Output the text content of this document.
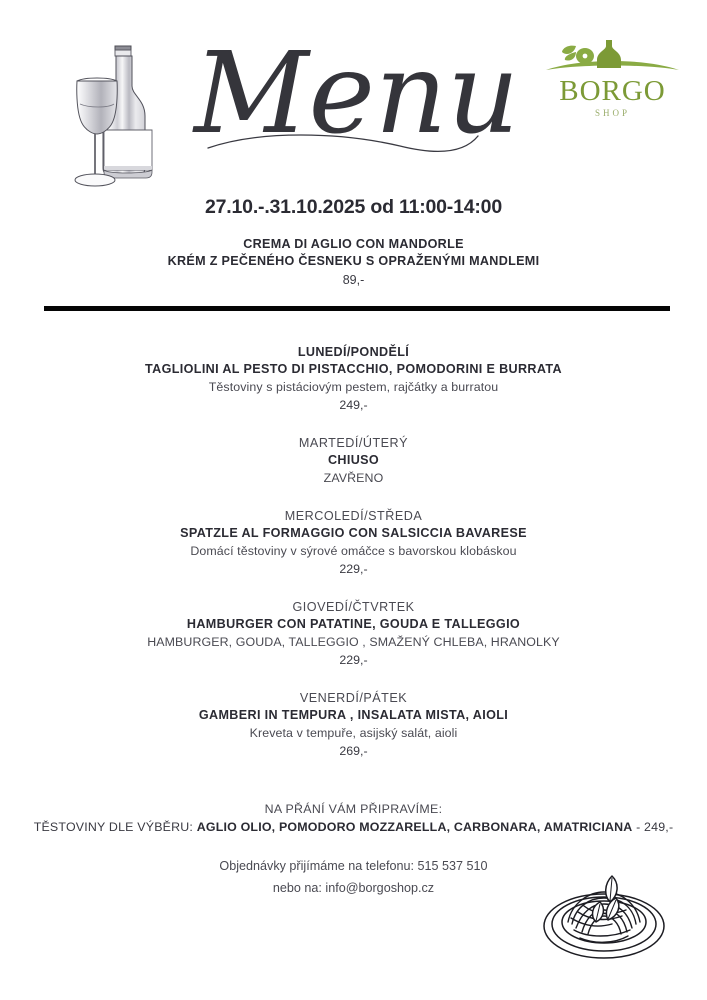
Menu	BORGO
SHOP
27.10.-.31.10.2025 od 11:00-14:00
CREMA DI AGLIO CON MANDORLE
KRÉM Z PEČENÉHO ČESNEKU S OPRAŽENÝMI MANDLEMI
89,-
LUNEDÍ/PONDĚLÍ
TAGLIOLINI AL PESTO DI PISTACCHIO, POMODORINI E BURRATA
Těstoviny s pistáciovým pestem, rajčátky a burratou
249,-
MARTEDÍ/ÚTERÝ
CHIUSO
ZAVŘENO
MERCOLEDÍ/STŘEDA
SPATZLE AL FORMAGGIO CON SALSICCIA BAVARESE
Domácí těstoviny v sýrové omáčce s bavorskou klobáskou
229,-
GIOVEDÍ/ČTVRTEK
HAMBURGER CON PATATINE, GOUDA E TALLEGGIO
HAMBURGER, GOUDA, TALLEGGIO , SMAŽENÝ CHLEBA, HRANOLKY
229,-
VENERDÍ/PÁTEK
GAMBERI IN TEMPURA , INSALATA MISTA, AIOLI
Kreveta v tempuře, asijský salát, aioli
269,-
NA PŘÁNÍ VÁM PŘIPRAVÍME:
TĚSTOVINY DLE VÝBĚRU: AGLIO OLIO, POMODORO MOZZARELLA, CARBONARA, AMATRICIANA - 249,-
Objednávky přijímáme na telefonu: 515 537 510
nebo na: info@borgoshop.cz
